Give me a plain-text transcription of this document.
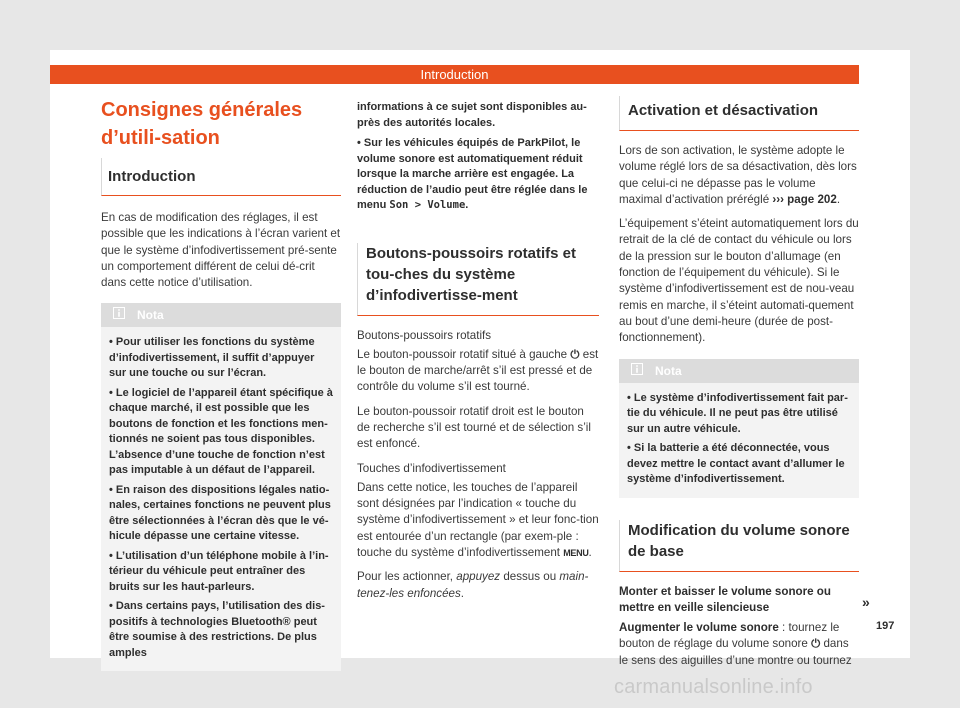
Introduction
Consignes générales d’utili-sation
Introduction

En cas de modification des réglages, il est possible que les indications à l’écran varient et que le système d’infodivertissement pré-sente un comportement différent de celui dé-crit dans cette notice d’utilisation.

Nota
• Pour utiliser les fonctions du système d’infodivertissement, il suffit d’appuyer sur une touche ou sur l’écran.
• Le logiciel de l’appareil étant spécifique à chaque marché, il est possible que les boutons de fonction et les fonctions men-tionnés ne soient pas tous disponibles. L’absence d’une touche de fonction n’est pas imputable à un défaut de l’appareil.
• En raison des dispositions légales natio-nales, certaines fonctions ne peuvent plus être sélectionnées à l’écran dès que le vé-hicule dépasse une certaine vitesse.
• L’utilisation d’un téléphone mobile à l’in-térieur du véhicule peut entraîner des bruits sur les haut-parleurs.
• Dans certains pays, l’utilisation des dis-positifs à technologies Bluetooth® peut être soumise à des restrictions. De plus amples
informations à ce sujet sont disponibles au-près des autorités locales.
• Sur les véhicules équipés de ParkPilot, le volume sonore est automatiquement réduit lorsque la marche arrière est engagée. La réduction de l’audio peut être réglée dans le menu Son > Volume.
Boutons-poussoirs rotatifs et tou-ches du système d’infodivertisse-ment

Boutons-poussoirs rotatifs

Le bouton-poussoir rotatif situé à gauche ⏻ est le bouton de marche/arrêt s’il est pressé et de contrôle du volume s’il est tourné.

Le bouton-poussoir rotatif droit est le bouton de recherche s’il est tourné et de sélection s’il est enfoncé.

Touches d’infodivertissement

Dans cette notice, les touches de l’appareil sont désignées par l’indication « touche du système d’infodivertissement » et leur fonc-tion est entourée d’un rectangle (par exem-ple : touche du système d’infodivertissement MENU.

Pour les actionner, appuyez dessus ou main-tenez-les enfoncées.

Activation et désactivation

Lors de son activation, le système adopte le volume réglé lors de sa désactivation, dès lors que celui-ci ne dépasse pas le volume maximal d’activation préréglé ››› page 202.

L’équipement s’éteint automatiquement lors du retrait de la clé de contact du véhicule ou lors de la pression sur le bouton d’allumage (en fonction de l’équipement du véhicule). Si le système d’infodivertissement est de nou-veau remis en marche, il s’éteint automati-quement au bout d’une demi-heure (durée de post-fonctionnement).

Nota
• Le système d’infodivertissement fait par-tie du véhicule. Il ne peut pas être utilisé sur un autre véhicule.
• Si la batterie a été déconnectée, vous devez mettre le contact avant d’allumer le système d’infodivertissement.
Modification du volume sonore de base

Monter et baisser le volume sonore ou mettre en veille silencieuse

Augmenter le volume sonore : tournez le bouton de réglage du volume sonore ⏻ dans le sens des aiguilles d’une montre ou tournez

»
197
carmanualsonline.info
